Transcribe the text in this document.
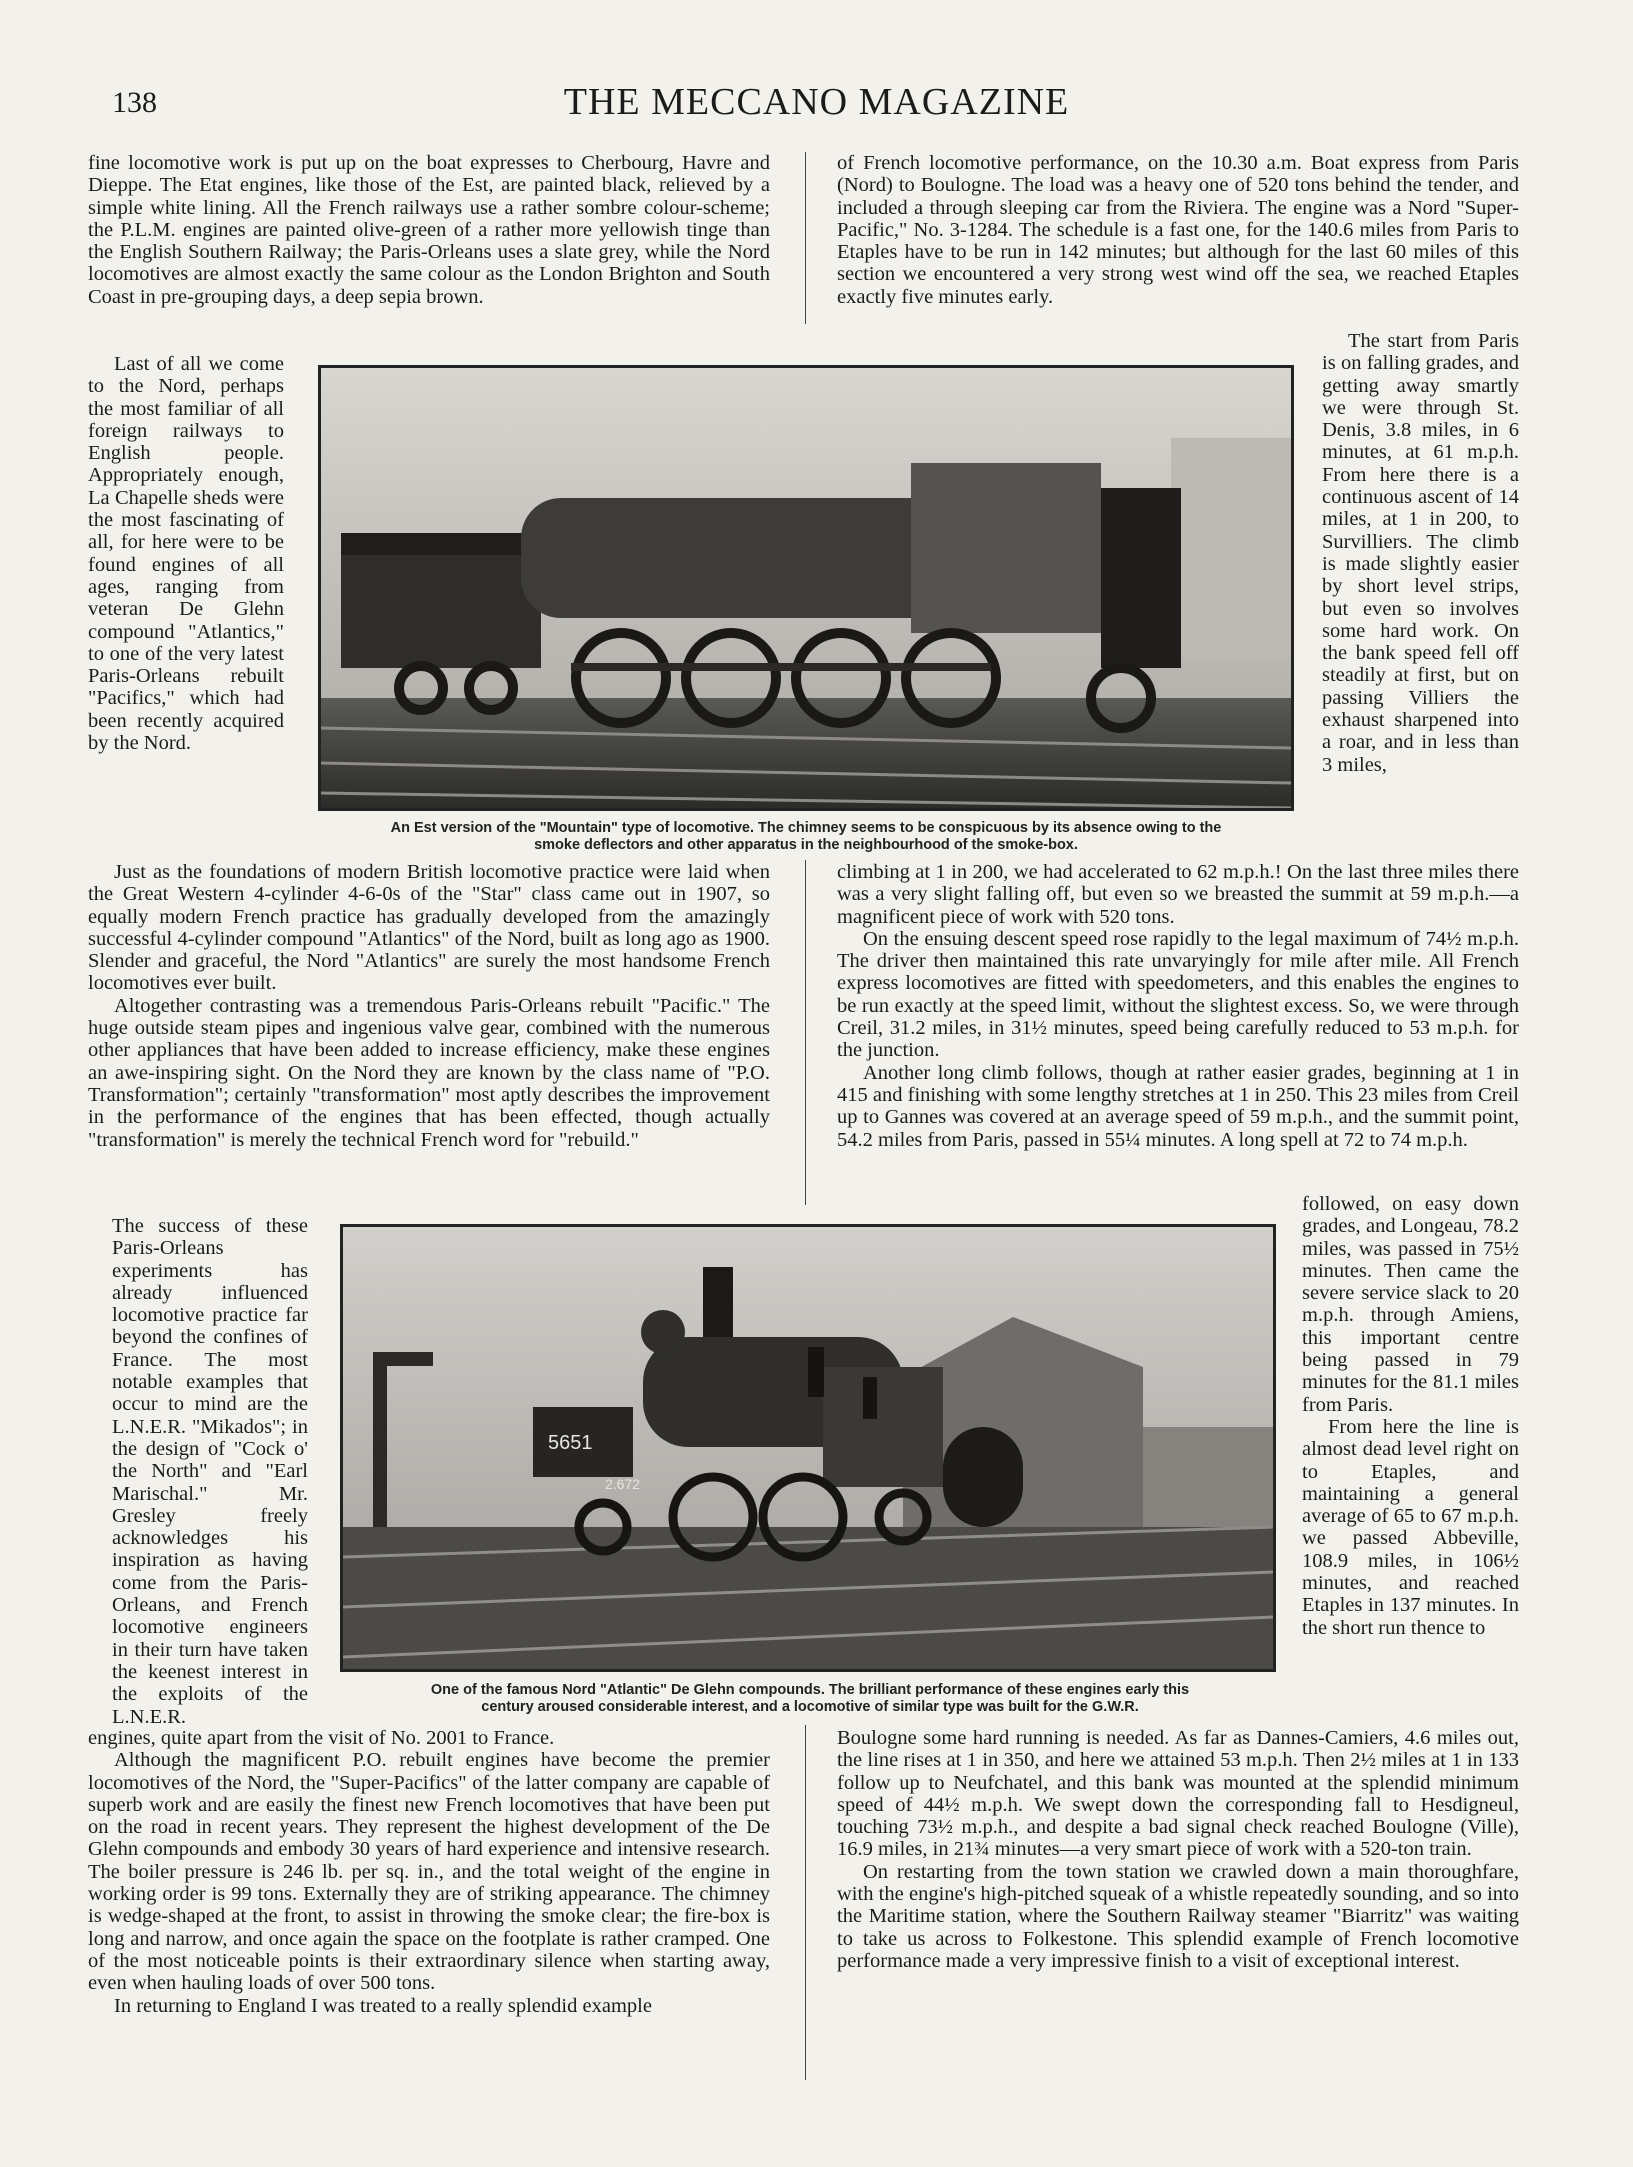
138	THE MECCANO MAGAZINE

fine locomotive work is put up on the boat expresses to Cherbourg, Havre and Dieppe. The Etat engines, like those of the Est, are painted black, relieved by a simple white lining. All the French railways use a rather sombre colour-scheme; the P.L.M. engines are painted olive-green of a rather more yellowish tinge than the English Southern Railway; the Paris-Orleans uses a slate grey, while the Nord locomotives are almost exactly the same colour as the London Brighton and South Coast in pre-grouping days, a deep sepia brown.

Last of all we come to the Nord, perhaps the most familiar of all foreign railways to English people. Appropriately enough, La Chapelle sheds were the most fascinating of all, for here were to be found engines of all ages, ranging from veteran De Glehn compound "Atlantics," to one of the very latest Paris-Orleans rebuilt "Pacifics," which had been recently acquired by the Nord.

of French locomotive performance, on the 10.30 a.m. Boat express from Paris (Nord) to Boulogne. The load was a heavy one of 520 tons behind the tender, and included a through sleeping car from the Riviera. The engine was a Nord "Super-Pacific," No. 3-1284. The schedule is a fast one, for the 140.6 miles from Paris to Etaples have to be run in 142 minutes; but although for the last 60 miles of this section we encountered a very strong west wind off the sea, we reached Etaples exactly five minutes early.

The start from Paris is on falling grades, and getting away smartly we were through St. Denis, 3.8 miles, in 6 minutes, at 61 m.p.h. From here there is a continuous ascent of 14 miles, at 1 in 200, to Survilliers. The climb is made slightly easier by short level strips, but even so involves some hard work. On the bank speed fell off steadily at first, but on passing Villiers the exhaust sharpened into a roar, and in less than 3 miles,

An Est version of the "Mountain" type of locomotive. The chimney seems to be conspicuous by its absence owing to the
smoke deflectors and other apparatus in the neighbourhood of the smoke-box.

Just as the foundations of modern British locomotive practice were laid when the Great Western 4-cylinder 4-6-0s of the "Star" class came out in 1907, so equally modern French practice has gradually developed from the amazingly successful 4-cylinder compound "Atlantics" of the Nord, built as long ago as 1900. Slender and graceful, the Nord "Atlantics" are surely the most handsome French locomotives ever built.

Altogether contrasting was a tremendous Paris-Orleans rebuilt "Pacific." The huge outside steam pipes and ingenious valve gear, combined with the numerous other appliances that have been added to increase efficiency, make these engines an awe-inspiring sight. On the Nord they are known by the class name of "P.O. Transformation"; certainly "transformation" most aptly describes the improvement in the performance of the engines that has been effected, though actually "transformation" is merely the technical French word for "rebuild."

climbing at 1 in 200, we had accelerated to 62 m.p.h.! On the last three miles there was a very slight falling off, but even so we breasted the summit at 59 m.p.h.—a magnificent piece of work with 520 tons.

On the ensuing descent speed rose rapidly to the legal maximum of 74½ m.p.h. The driver then maintained this rate unvaryingly for mile after mile. All French express locomotives are fitted with speedometers, and this enables the engines to be run exactly at the speed limit, without the slightest excess. So, we were through Creil, 31.2 miles, in 31½ minutes, speed being carefully reduced to 53 m.p.h. for the junction.

Another long climb follows, though at rather easier grades, beginning at 1 in 415 and finishing with some lengthy stretches at 1 in 250. This 23 miles from Creil up to Gannes was covered at an average speed of 59 m.p.h., and the summit point, 54.2 miles from Paris, passed in 55¼ minutes. A long spell at 72 to 74 m.p.h.

The success of these Paris-Orleans experiments has already influenced locomotive practice far beyond the confines of France. The most notable examples that occur to mind are the L.N.E.R. "Mikados"; in the design of "Cock o' the North" and "Earl Marischal." Mr. Gresley freely acknowledges his inspiration as having come from the Paris-Orleans, and French locomotive engineers in their turn have taken the keenest interest in the exploits of the L.N.E.R.

followed, on easy down grades, and Longeau, 78.2 miles, was passed in 75½ minutes. Then came the severe service slack to 20 m.p.h. through Amiens, this important centre being passed in 79 minutes for the 81.1 miles from Paris.

From here the line is almost dead level right on to Etaples, and maintaining a general average of 65 to 67 m.p.h. we passed Abbeville, 108.9 miles, in 106½ minutes, and reached Etaples in 137 minutes. In the short run thence to

5651
2.672
One of the famous Nord "Atlantic" De Glehn compounds. The brilliant performance of these engines early this
century aroused considerable interest, and a locomotive of similar type was built for the G.W.R.

engines, quite apart from the visit of No. 2001 to France.

Although the magnificent P.O. rebuilt engines have become the premier locomotives of the Nord, the "Super-Pacifics" of the latter company are capable of superb work and are easily the finest new French locomotives that have been put on the road in recent years. They represent the highest development of the De Glehn compounds and embody 30 years of hard experience and intensive research. The boiler pressure is 246 lb. per sq. in., and the total weight of the engine in working order is 99 tons. Externally they are of striking appearance. The chimney is wedge-shaped at the front, to assist in throwing the smoke clear; the fire-box is long and narrow, and once again the space on the footplate is rather cramped. One of the most noticeable points is their extraordinary silence when starting away, even when hauling loads of over 500 tons.

In returning to England I was treated to a really splendid example

Boulogne some hard running is needed. As far as Dannes-Camiers, 4.6 miles out, the line rises at 1 in 350, and here we attained 53 m.p.h. Then 2½ miles at 1 in 133 follow up to Neufchatel, and this bank was mounted at the splendid minimum speed of 44½ m.p.h. We swept down the corresponding fall to Hesdigneul, touching 73½ m.p.h., and despite a bad signal check reached Boulogne (Ville), 16.9 miles, in 21¾ minutes—a very smart piece of work with a 520-ton train.

On restarting from the town station we crawled down a main thoroughfare, with the engine's high-pitched squeak of a whistle repeatedly sounding, and so into the Maritime station, where the Southern Railway steamer "Biarritz" was waiting to take us across to Folkestone. This splendid example of French locomotive performance made a very impressive finish to a visit of exceptional interest.
